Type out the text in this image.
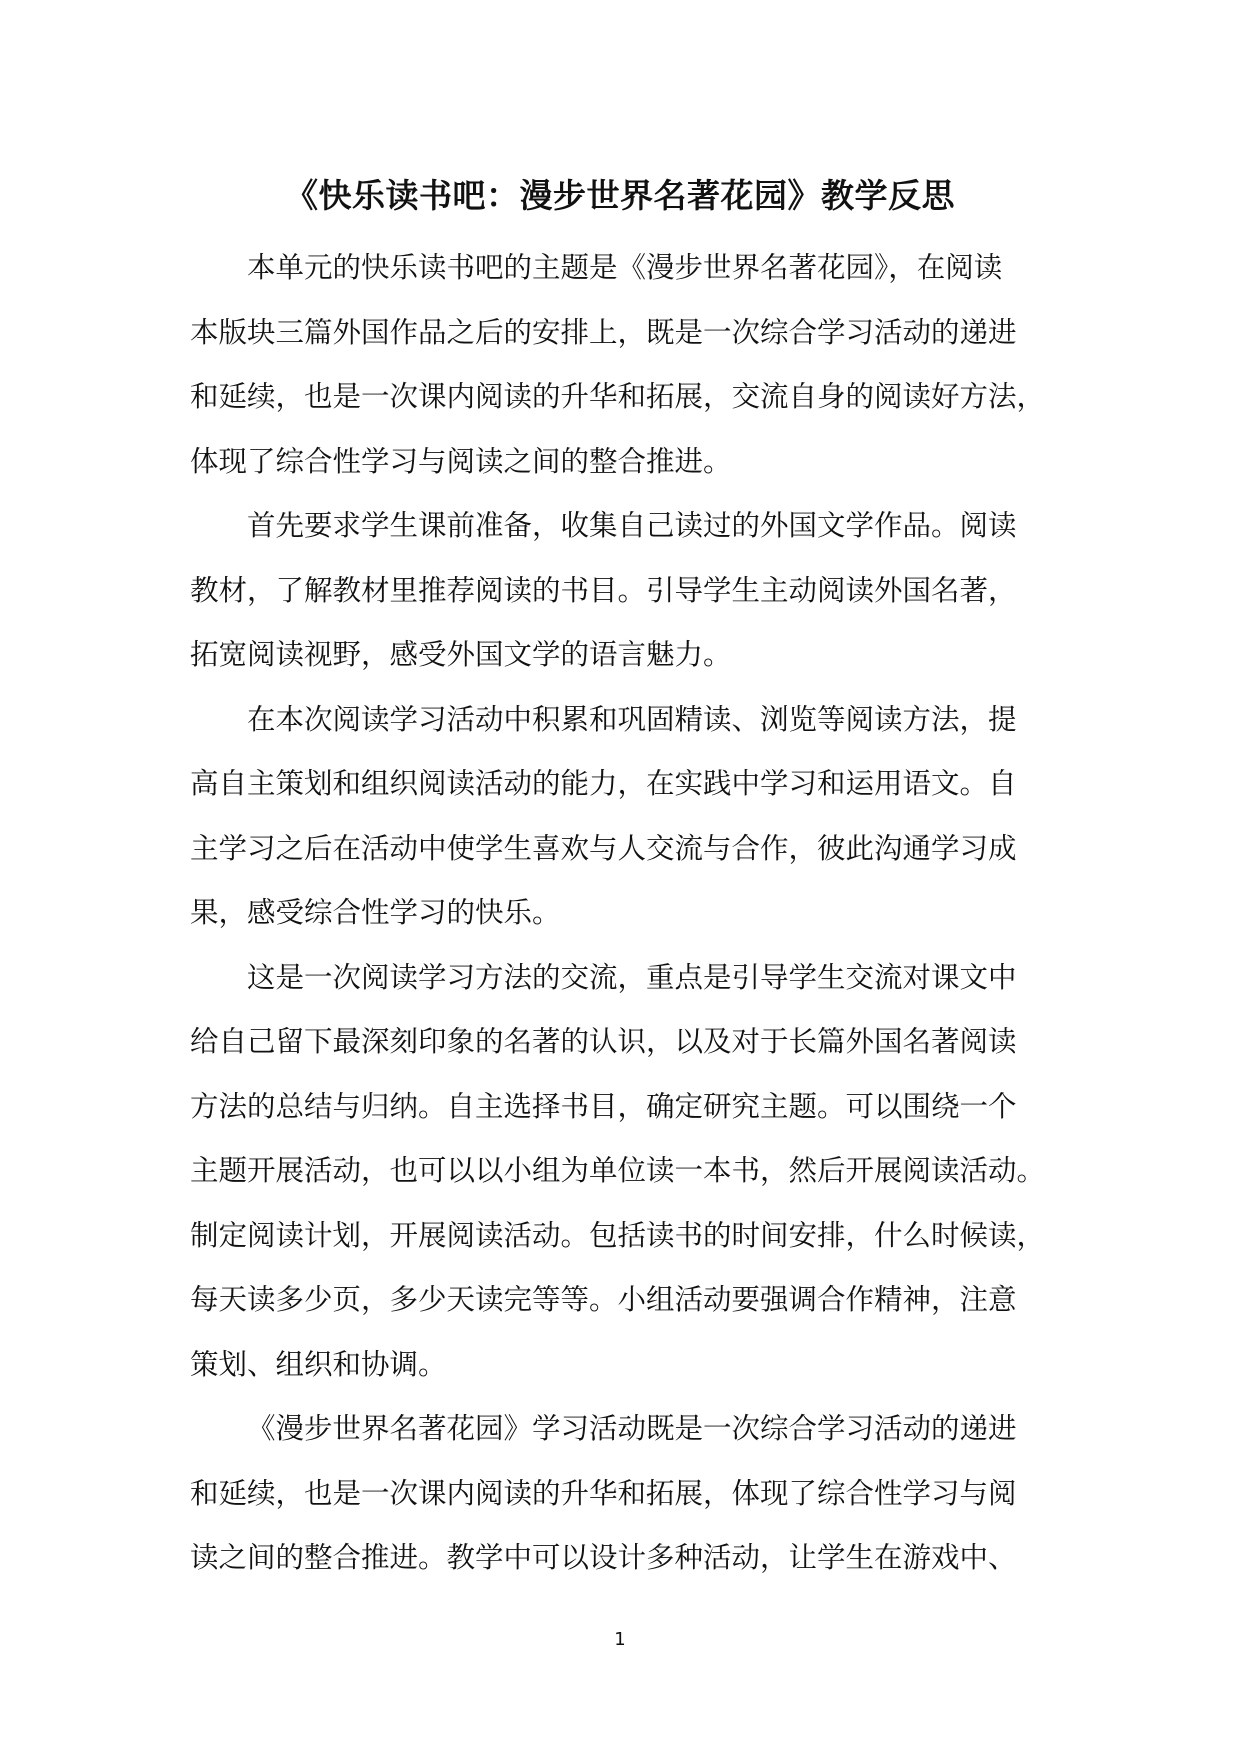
《快乐读书吧：漫步世界名著花园》教学反思
本单元的快乐读书吧的主题是《漫步世界名著花园》，在阅读
本版块三篇外国作品之后的安排上，既是一次综合学习活动的递进
和延续，也是一次课内阅读的升华和拓展，交流自身的阅读好方法，
体现了综合性学习与阅读之间的整合推进。
首先要求学生课前准备，收集自己读过的外国文学作品。阅读
教材，了解教材里推荐阅读的书目。引导学生主动阅读外国名著，
拓宽阅读视野，感受外国文学的语言魅力。
在本次阅读学习活动中积累和巩固精读、浏览等阅读方法，提
高自主策划和组织阅读活动的能力，在实践中学习和运用语文。自
主学习之后在活动中使学生喜欢与人交流与合作，彼此沟通学习成
果，感受综合性学习的快乐。
这是一次阅读学习方法的交流，重点是引导学生交流对课文中
给自己留下最深刻印象的名著的认识，以及对于长篇外国名著阅读
方法的总结与归纳。自主选择书目，确定研究主题。可以围绕一个
主题开展活动，也可以以小组为单位读一本书，然后开展阅读活动。
制定阅读计划，开展阅读活动。包括读书的时间安排，什么时候读，
每天读多少页，多少天读完等等。小组活动要强调合作精神，注意
策划、组织和协调。
《漫步世界名著花园》学习活动既是一次综合学习活动的递进
和延续，也是一次课内阅读的升华和拓展，体现了综合性学习与阅
读之间的整合推进。教学中可以设计多种活动，让学生在游戏中、
1
